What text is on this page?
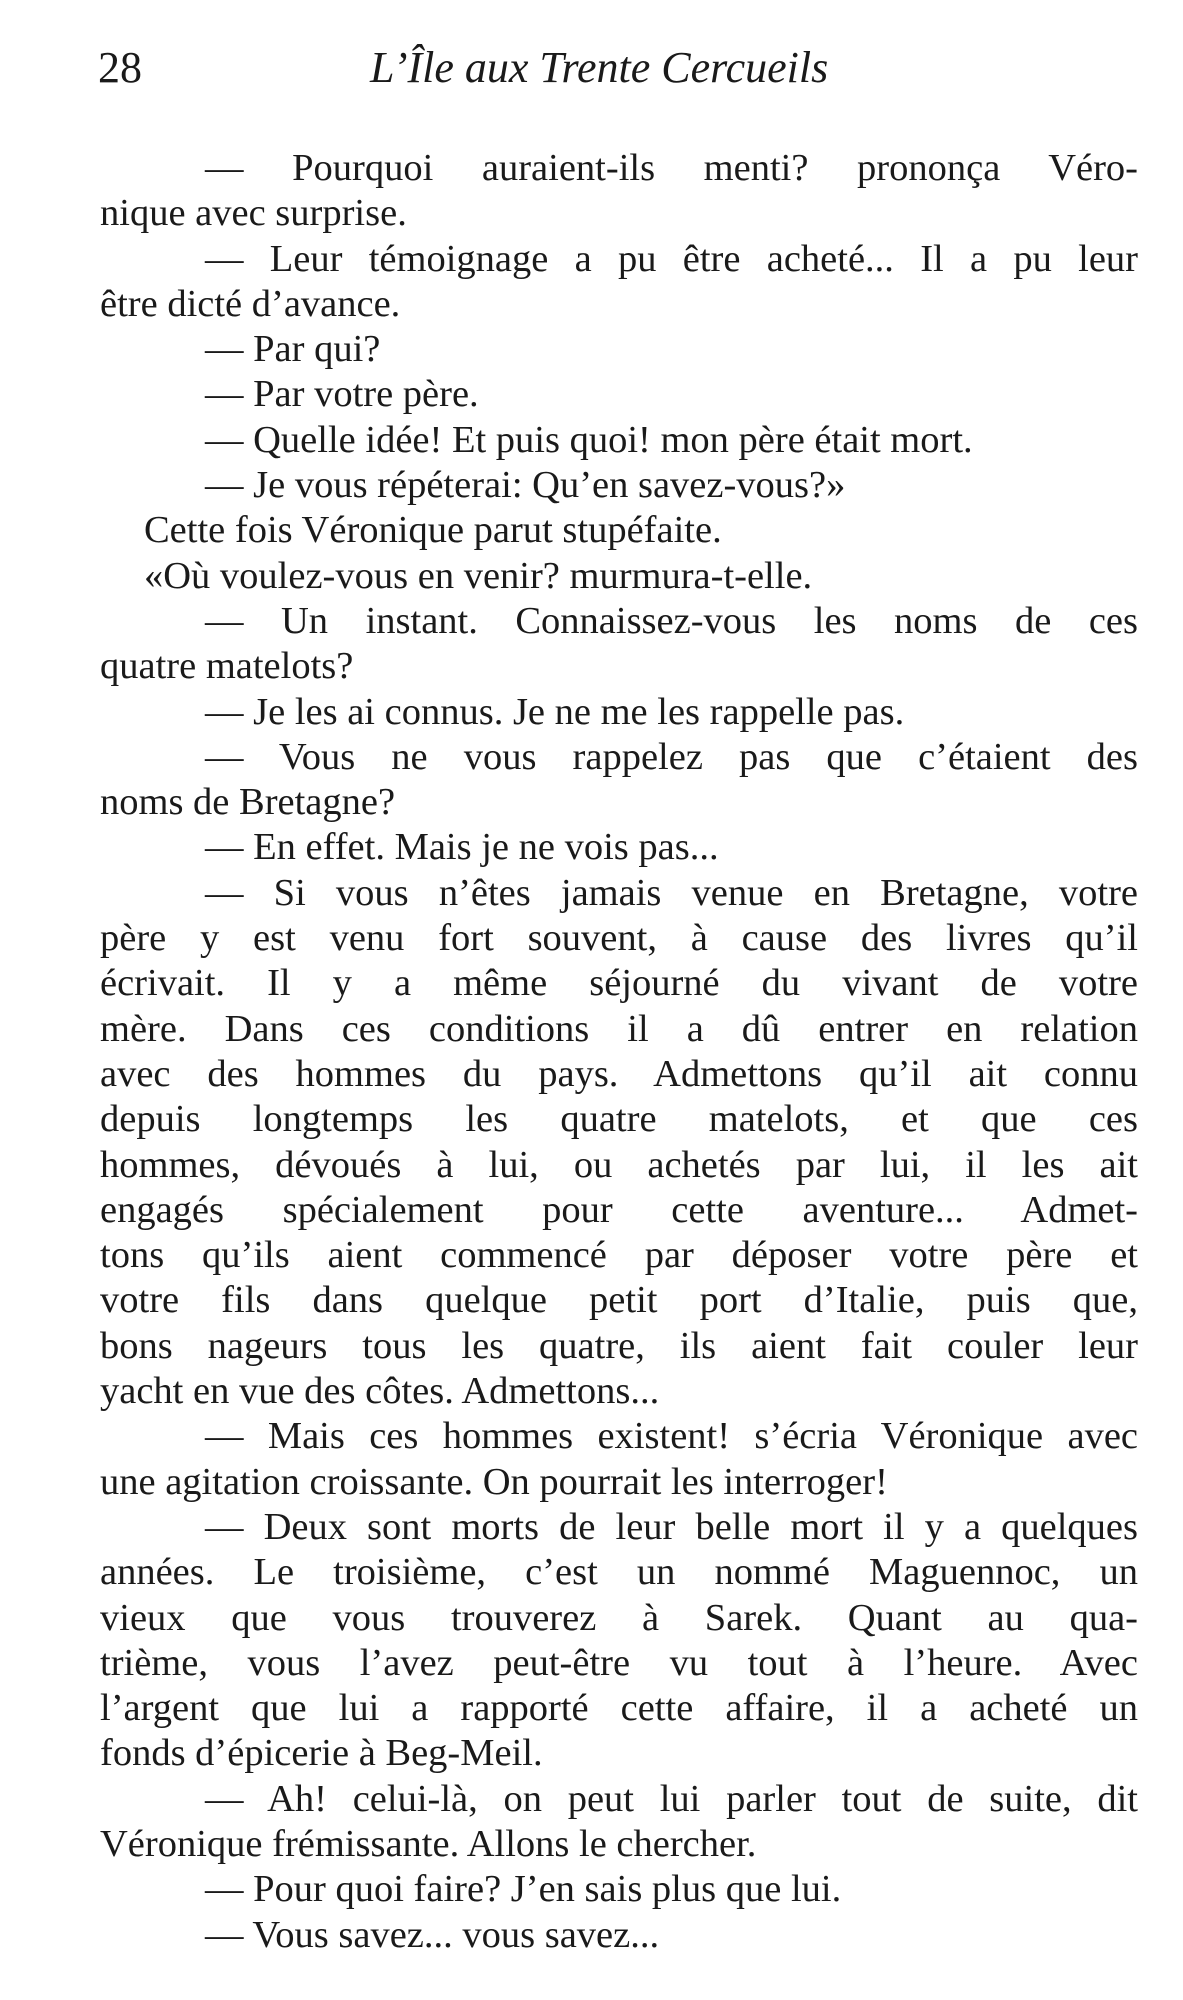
28	L’Île aux Trente Cercueils
— Pourquoi auraient-ils menti? prononça Véro-
nique avec surprise.
— Leur témoignage a pu être acheté... Il a pu leur
être dicté d’avance.
— Par qui?
— Par votre père.
— Quelle idée! Et puis quoi! mon père était mort.
— Je vous répéterai: Qu’en savez-vous?»
Cette fois Véronique parut stupéfaite.
«Où voulez-vous en venir? murmura-t-elle.
— Un instant. Connaissez-vous les noms de ces
quatre matelots?
— Je les ai connus. Je ne me les rappelle pas.
— Vous ne vous rappelez pas que c’étaient des
noms de Bretagne?
— En effet. Mais je ne vois pas...
— Si vous n’êtes jamais venue en Bretagne, votre
père y est venu fort souvent, à cause des livres qu’il
écrivait. Il y a même séjourné du vivant de votre
mère. Dans ces conditions il a dû entrer en relation
avec des hommes du pays. Admettons qu’il ait connu
depuis longtemps les quatre matelots, et que ces
hommes, dévoués à lui, ou achetés par lui, il les ait
engagés spécialement pour cette aventure... Admet-
tons qu’ils aient commencé par déposer votre père et
votre fils dans quelque petit port d’Italie, puis que,
bons nageurs tous les quatre, ils aient fait couler leur
yacht en vue des côtes. Admettons...
— Mais ces hommes existent! s’écria Véronique avec
une agitation croissante. On pourrait les interroger!
— Deux sont morts de leur belle mort il y a quelques
années. Le troisième, c’est un nommé Maguennoc, un
vieux que vous trouverez à Sarek. Quant au qua-
trième, vous l’avez peut-être vu tout à l’heure. Avec
l’argent que lui a rapporté cette affaire, il a acheté un
fonds d’épicerie à Beg-Meil.
— Ah! celui-là, on peut lui parler tout de suite, dit
Véronique frémissante. Allons le chercher.
— Pour quoi faire? J’en sais plus que lui.
— Vous savez... vous savez...
